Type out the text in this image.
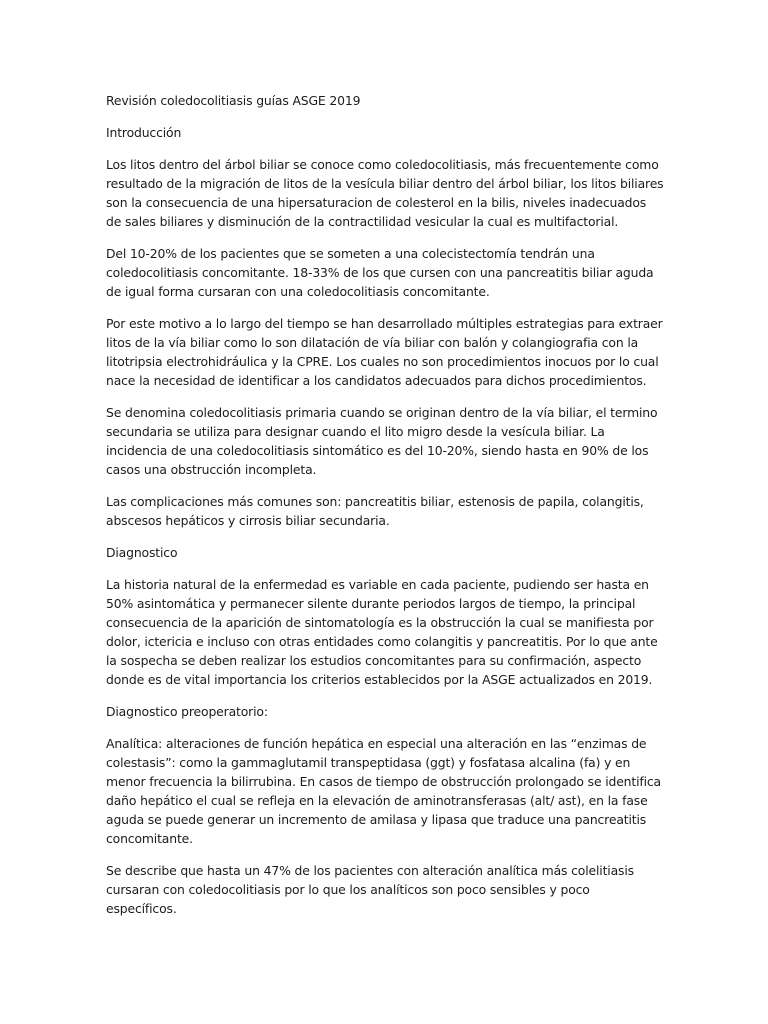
Revisión coledocolitiasis guías ASGE 2019

Introducción

Los litos dentro del árbol biliar se conoce como coledocolitiasis, más frecuentemente como resultado de la migración de litos de la vesícula biliar dentro del árbol biliar, los litos biliares son la consecuencia de una hipersaturacion de colesterol en la bilis, niveles inadecuados de sales biliares y disminución de la contractilidad vesicular la cual es multifactorial.

Del 10-20% de los pacientes que se someten a una colecistectomía tendrán una coledocolitiasis concomitante. 18-33% de los que cursen con una pancreatitis biliar aguda de igual forma cursaran con una coledocolitiasis concomitante.

Por este motivo a lo largo del tiempo se han desarrollado múltiples estrategias para extraer litos de la vía biliar como lo son dilatación de vía biliar con balón y colangiografia con la litotripsia electrohidráulica y la CPRE. Los cuales no son procedimientos inocuos por lo cual nace la necesidad de identificar a los candidatos adecuados para dichos procedimientos.

Se denomina coledocolitiasis primaria cuando se originan dentro de la vía biliar, el termino secundaria se utiliza para designar cuando el lito migro desde la vesícula biliar. La incidencia de una coledocolitiasis sintomático es del 10-20%, siendo hasta en 90% de los casos una obstrucción incompleta.

Las complicaciones más comunes son: pancreatitis biliar, estenosis de papila, colangitis, abscesos hepáticos y cirrosis biliar secundaria.

Diagnostico

La historia natural de la enfermedad es variable en cada paciente, pudiendo ser hasta en 50% asintomática y permanecer silente durante periodos largos de tiempo, la principal consecuencia de la aparición de sintomatología es la obstrucción la cual se manifiesta por dolor, ictericia e incluso con otras entidades como colangitis y pancreatitis. Por lo que ante la sospecha se deben realizar los estudios concomitantes para su confirmación, aspecto donde es de vital importancia los criterios establecidos por la ASGE actualizados en 2019.

Diagnostico preoperatorio:

Analítica: alteraciones de función hepática en especial una alteración en las “enzimas de colestasis”: como la gammaglutamil transpeptidasa (ggt) y fosfatasa alcalina (fa) y en menor frecuencia la bilirrubina. En casos de tiempo de obstrucción prolongado se identifica daño hepático el cual se refleja en la elevación de aminotransferasas (alt/ ast), en la fase aguda se puede generar un incremento de amilasa y lipasa que traduce una pancreatitis concomitante.

Se describe que hasta un 47% de los pacientes con alteración analítica más colelitiasis cursaran con coledocolitiasis por lo que los analíticos son poco sensibles y poco específicos.
